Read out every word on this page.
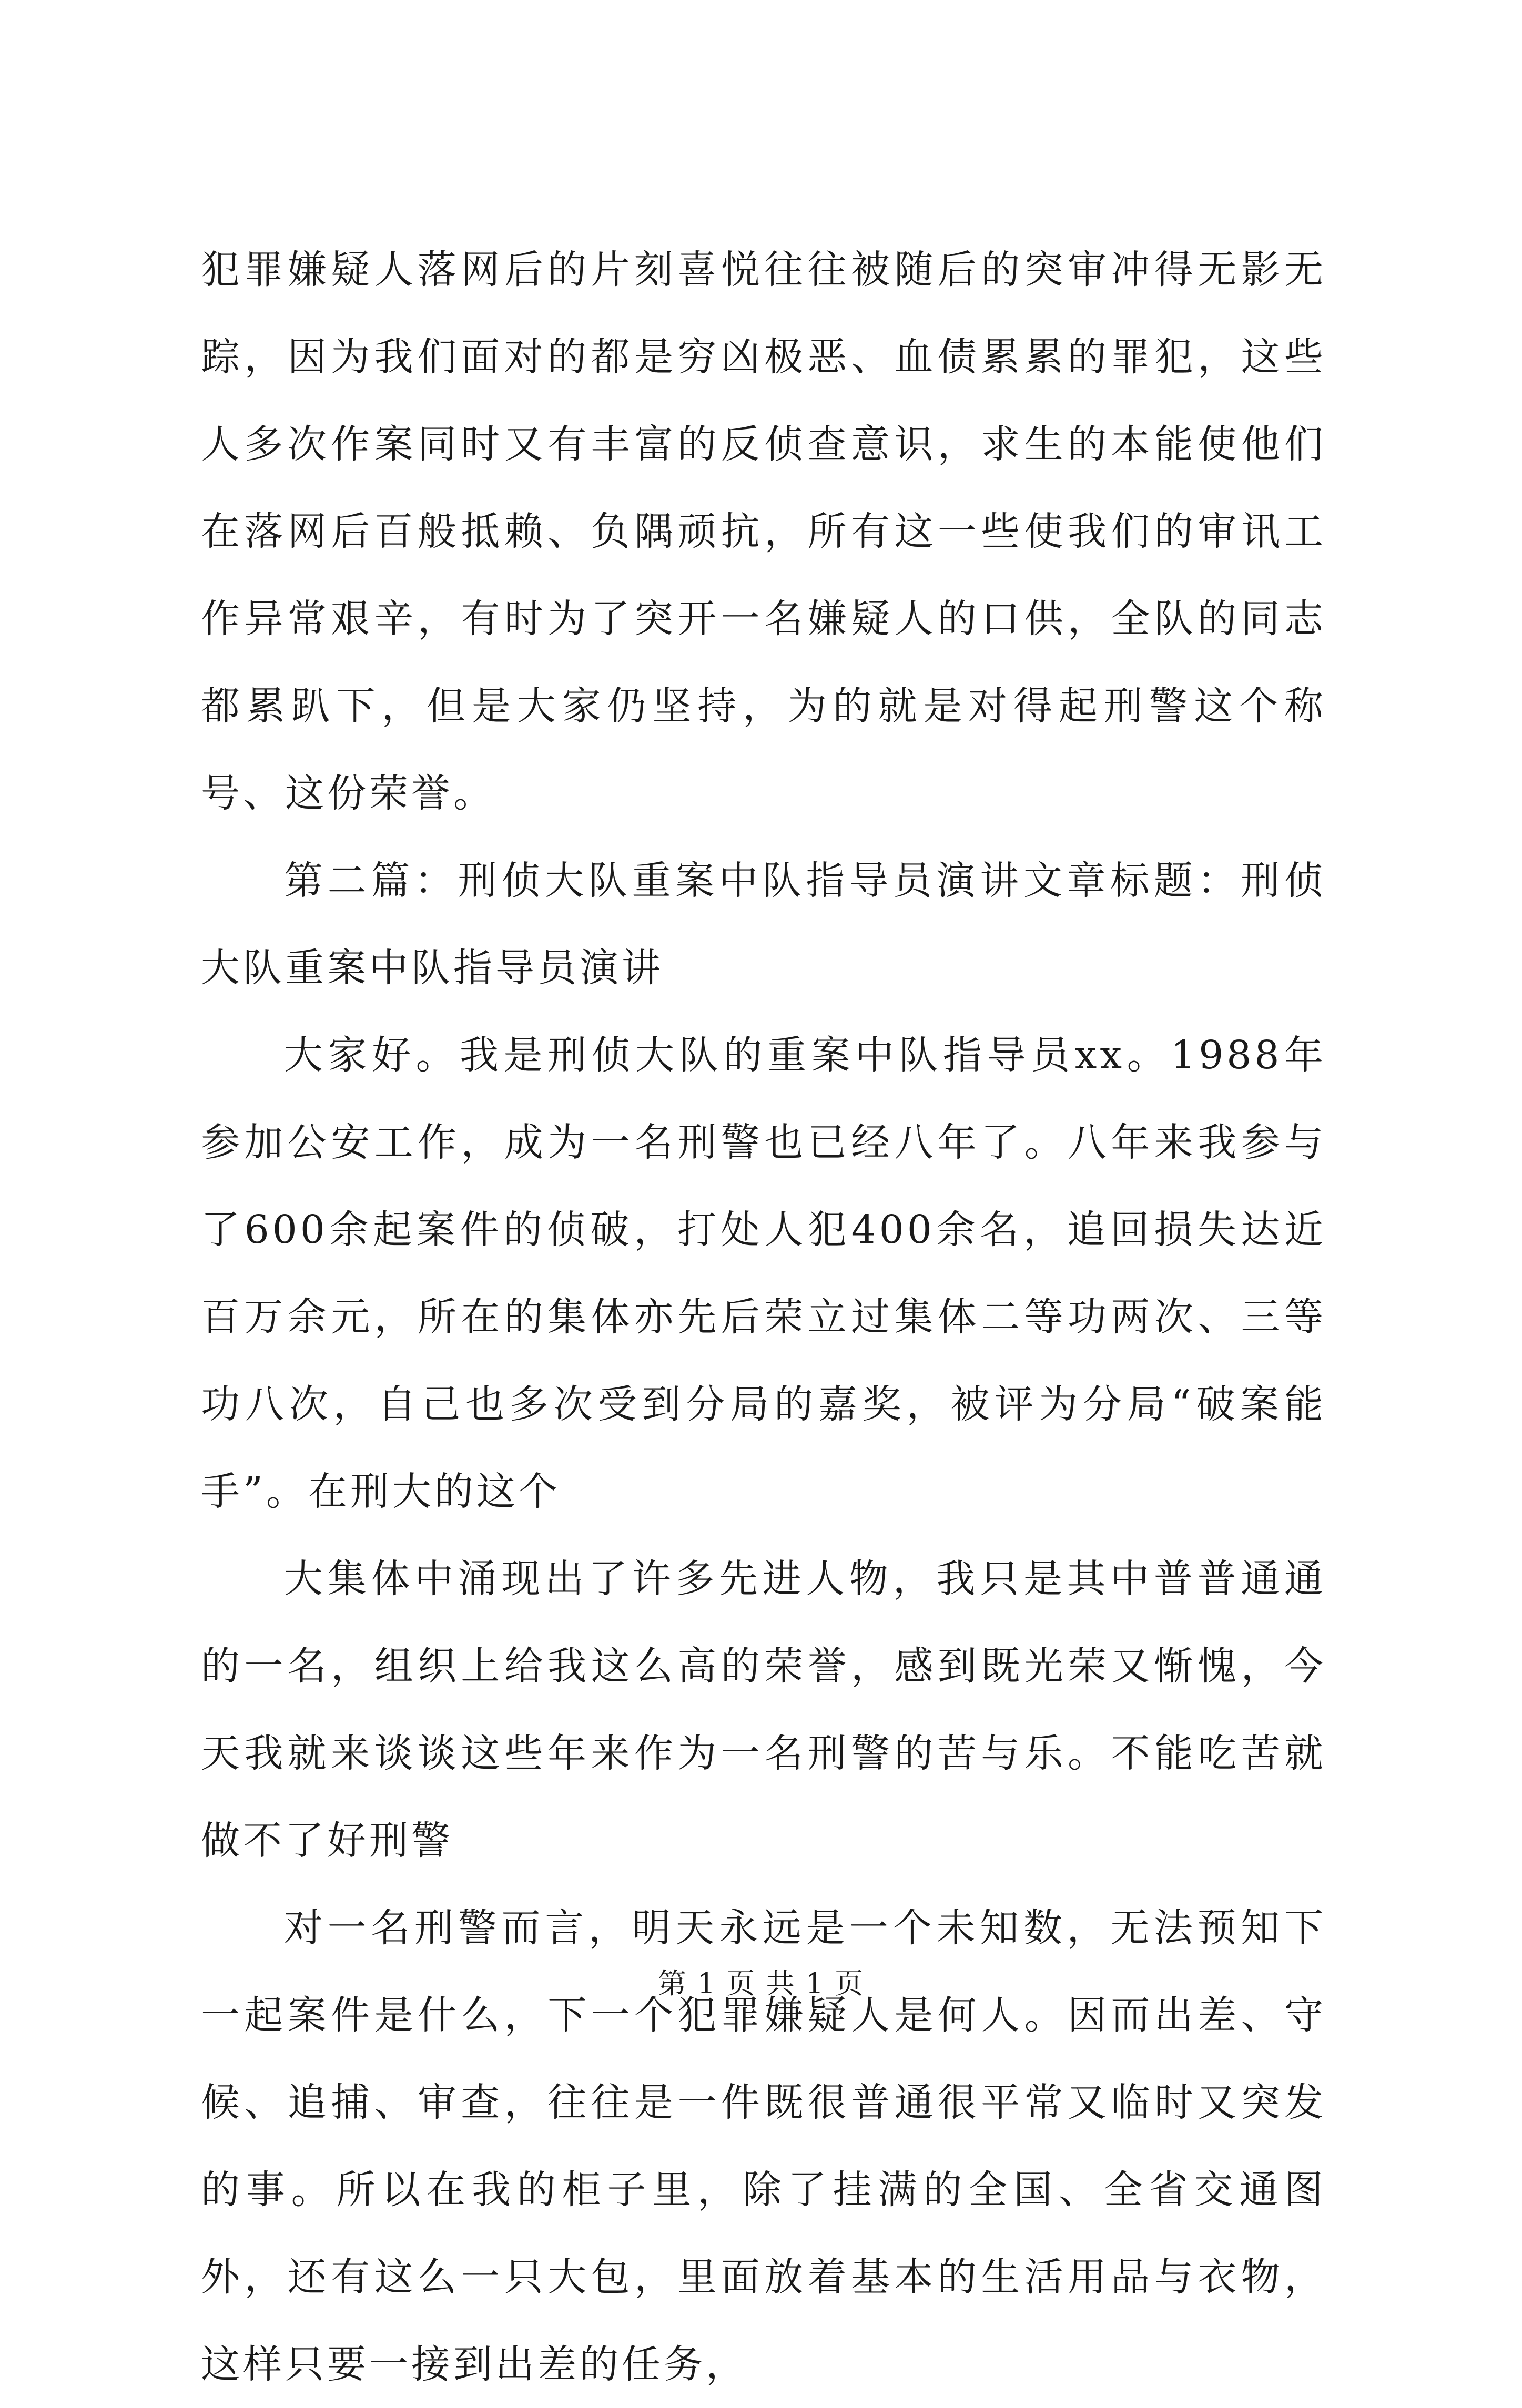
犯罪嫌疑人落网后的片刻喜悦往往被随后的突审冲得无影无踪，因为我们面对的都是穷凶极恶、血债累累的罪犯，这些人多次作案同时又有丰富的反侦查意识，求生的本能使他们在落网后百般抵赖、负隅顽抗，所有这一些使我们的审讯工作异常艰辛，有时为了突开一名嫌疑人的口供，全队的同志都累趴下，但是大家仍坚持，为的就是对得起刑警这个称号、这份荣誉。

第二篇：刑侦大队重案中队指导员演讲文章标题：刑侦大队重案中队指导员演讲

大家好。我是刑侦大队的重案中队指导员xx。1988年参加公安工作，成为一名刑警也已经八年了。八年来我参与了600余起案件的侦破，打处人犯400余名，追回损失达近百万余元，所在的集体亦先后荣立过集体二等功两次、三等功八次，自己也多次受到分局的嘉奖，被评为分局“破案能手”。在刑大的这个

大集体中涌现出了许多先进人物，我只是其中普普通通的一名，组织上给我这么高的荣誉，感到既光荣又惭愧，今天我就来谈谈这些年来作为一名刑警的苦与乐。不能吃苦就做不了好刑警

对一名刑警而言，明天永远是一个未知数，无法预知下一起案件是什么，下一个犯罪嫌疑人是何人。因而出差、守候、追捕、审查，往往是一件既很普通很平常又临时又突发的事。所以在我的柜子里，除了挂满的全国、全省交通图外，还有这么一只大包，里面放着基本的生活用品与衣物，这样只要一接到出差的任务，

第 1 页 共 1 页
